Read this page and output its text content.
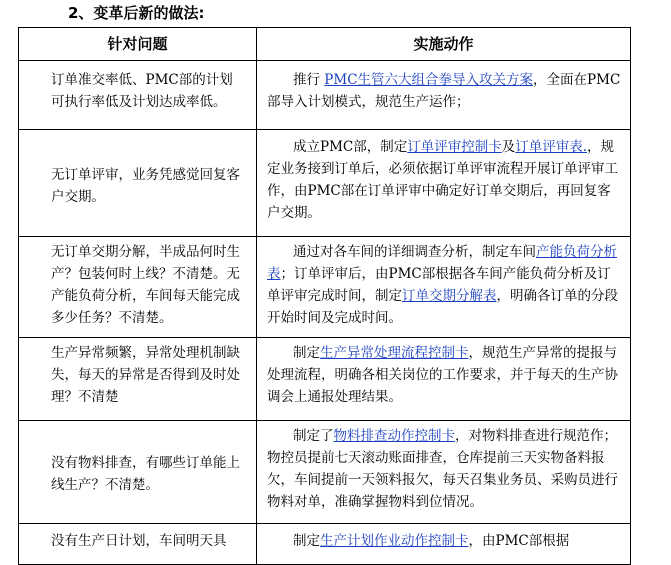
2、变革后新的做法:
针对问题	实施动作
订单准交率低、PMC部的计划可执行率低及计划达成率低。	推行 PMC生管六大组合拳导入攻关方案，全面在PMC部导入计划模式，规范生产运作；
无订单评审，业务凭感觉回复客户交期。	成立PMC部，制定订单评审控制卡及订单评审表.，规定业务接到订单后，必须依据订单评审流程开展订单评审工作，由PMC部在订单评审中确定好订单交期后，再回复客户交期。
无订单交期分解，半成品何时生产？包装何时上线？不清楚。无产能负荷分析，车间每天能完成多少任务？不清楚。	通过对各车间的详细调查分析，制定车间产能负荷分析表；订单评审后，由PMC部根据各车间产能负荷分析及订单评审完成时间，制定订单交期分解表，明确各订单的分段开始时间及完成时间。
生产异常频繁，异常处理机制缺失，每天的异常是否得到及时处理？不清楚	制定生产异常处理流程控制卡，规范生产异常的提报与处理流程，明确各相关岗位的工作要求，并于每天的生产协调会上通报处理结果。
没有物料排查，有哪些订单能上线生产？不清楚。	制定了物料排查动作控制卡，对物料排查进行规范作；物控员提前七天滚动账面排查，仓库提前三天实物备料报欠，车间提前一天领料报欠，每天召集业务员、采购员进行物料对单，准确掌握物料到位情况。
没有生产日计划，车间明天具	制定生产计划作业动作控制卡，由PMC部根据
